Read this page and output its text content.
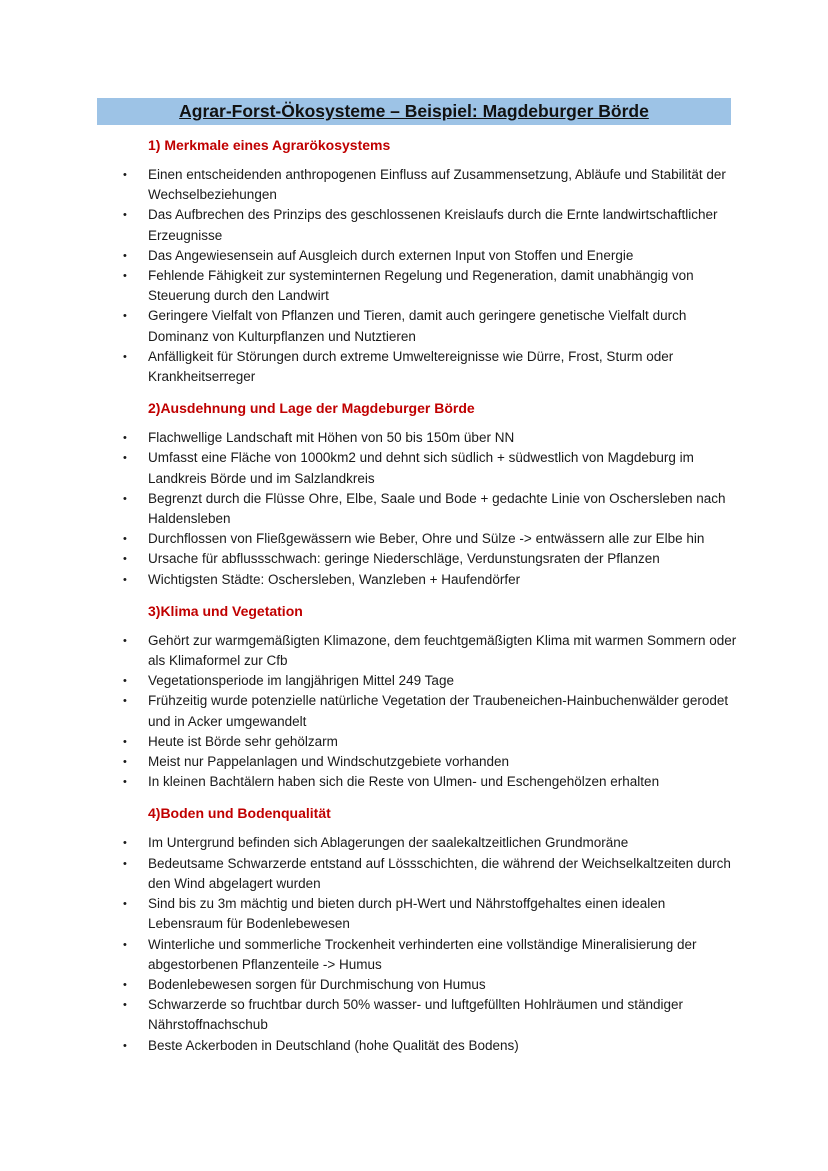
Agrar-Forst-Ökosysteme – Beispiel: Magdeburger Börde
1) Merkmale eines Agrarökosystems
• Einen entscheidenden anthropogenen Einfluss auf Zusammensetzung, Abläufe und Stabilität der Wechselbeziehungen
• Das Aufbrechen des Prinzips des geschlossenen Kreislaufs durch die Ernte landwirtschaftlicher Erzeugnisse
• Das Angewiesensein auf Ausgleich durch externen Input von Stoffen und Energie
• Fehlende Fähigkeit zur systeminternen Regelung und Regeneration, damit unabhängig von Steuerung durch den Landwirt
• Geringere Vielfalt von Pflanzen und Tieren, damit auch geringere genetische Vielfalt durch Dominanz von Kulturpflanzen und Nutztieren
• Anfälligkeit für Störungen durch extreme Umweltereignisse wie Dürre, Frost, Sturm oder Krankheitserreger
2)Ausdehnung und Lage der Magdeburger Börde
• Flachwellige Landschaft mit Höhen von 50 bis 150m über NN
• Umfasst eine Fläche von 1000km2 und dehnt sich südlich + südwestlich von Magdeburg im Landkreis Börde und im Salzlandkreis
• Begrenzt durch die Flüsse Ohre, Elbe, Saale und Bode + gedachte Linie von Oschersleben nach Haldensleben
• Durchflossen von Fließgewässern wie Beber, Ohre und Sülze -> entwässern alle zur Elbe hin
• Ursache für abflussschwach: geringe Niederschläge, Verdunstungsraten der Pflanzen
• Wichtigsten Städte: Oschersleben, Wanzleben + Haufendörfer
3)Klima und Vegetation
• Gehört zur warmgemäßigten Klimazone, dem feuchtgemäßigten Klima mit warmen Sommern oder als Klimaformel zur Cfb
• Vegetationsperiode im langjährigen Mittel 249 Tage
• Frühzeitig wurde potenzielle natürliche Vegetation der Traubeneichen-Hainbuchenwälder gerodet und in Acker umgewandelt
• Heute ist Börde sehr gehölzarm
• Meist nur Pappelanlagen und Windschutzgebiete vorhanden
• In kleinen Bachtälern haben sich die Reste von Ulmen- und Eschengehölzen erhalten
4)Boden und Bodenqualität
• Im Untergrund befinden sich Ablagerungen der saalekaltzeitlichen Grundmoräne
• Bedeutsame Schwarzerde entstand auf Lössschichten, die während der Weichselkaltzeiten durch den Wind abgelagert wurden
• Sind bis zu 3m mächtig und bieten durch pH-Wert und Nährstoffgehaltes einen idealen Lebensraum für Bodenlebewesen
• Winterliche und sommerliche Trockenheit verhinderten eine vollständige Mineralisierung der abgestorbenen Pflanzenteile -> Humus
• Bodenlebewesen sorgen für Durchmischung von Humus
• Schwarzerde so fruchtbar durch 50% wasser- und luftgefüllten Hohlräumen und ständiger Nährstoffnachschub
• Beste Ackerboden in Deutschland (hohe Qualität des Bodens)
